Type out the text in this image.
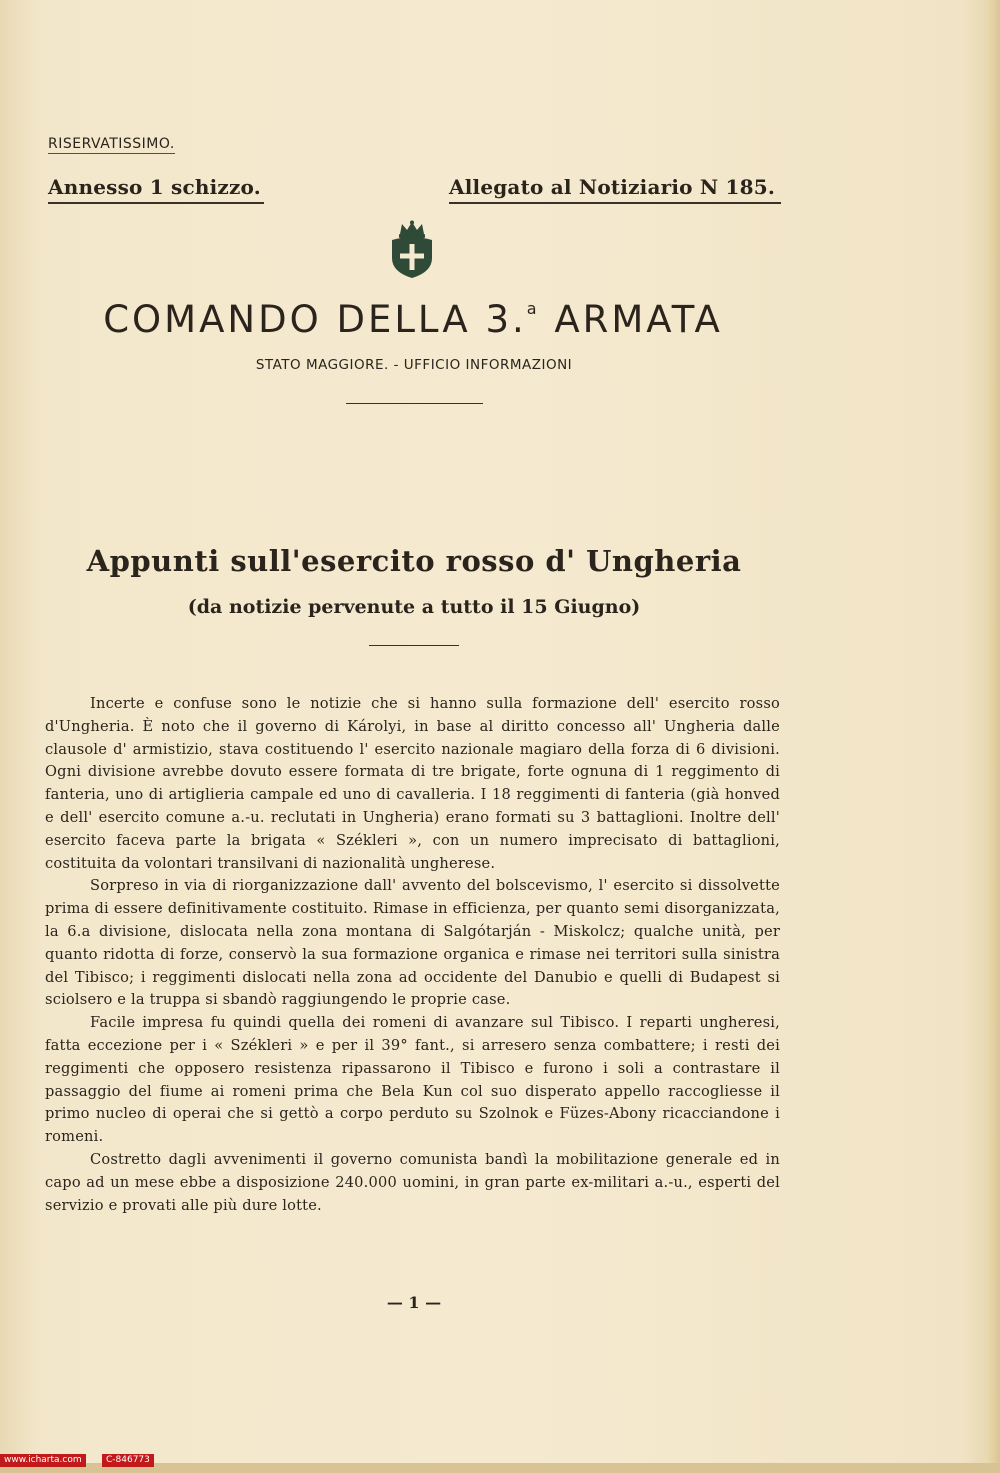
RISERVATISSIMO.
Annesso 1 schizzo.	Allegato al Notiziario N 185.
COMANDO DELLA 3.$^a$ ARMATA
STATO MAGGIORE. - UFFICIO INFORMAZIONI
Appunti sull'esercito rosso d' Ungheria
(da notizie pervenute a tutto il 15 Giugno)

Incerte e confuse sono le notizie che si hanno sulla formazione dell' esercito rosso d'Ungheria. È noto che il governo di Károlyi, in base al diritto concesso all' Ungheria dalle clausole d' armistizio, stava costituendo l' esercito nazionale magiaro della forza di 6 divisioni. Ogni divisione avrebbe dovuto essere formata di tre brigate, forte ognuna di 1 reggimento di fanteria, uno di artiglieria campale ed uno di cavalleria. I 18 reggimenti di fanteria (già honved e dell' esercito comune a.-u. reclutati in Ungheria) erano formati su 3 battaglioni. Inoltre dell' esercito faceva parte la brigata « Székleri », con un numero imprecisato di battaglioni, costituita da volontari transilvani di nazionalità ungherese.

Sorpreso in via di riorganizzazione dall' avvento del bolscevismo, l' esercito si dissolvette prima di essere definitivamente costituito. Rimase in efficienza, per quanto semi disorganizzata, la 6.a divisione, dislocata nella zona montana di Salgótarján - Miskolcz; qualche unità, per quanto ridotta di forze, conservò la sua formazione organica e rimase nei territori sulla sinistra del Tibisco; i reggimenti dislocati nella zona ad occidente del Danubio e quelli di Budapest si sciolsero e la truppa si sbandò raggiungendo le proprie case.

Facile impresa fu quindi quella dei romeni di avanzare sul Tibisco. I reparti ungheresi, fatta eccezione per i « Székleri » e per il 39° fant., si arresero senza combattere; i resti dei reggimenti che opposero resistenza ripassarono il Tibisco e furono i soli a contrastare il passaggio del fiume ai romeni prima che Bela Kun col suo disperato appello raccogliesse il primo nucleo di operai che si gettò a corpo perduto su Szolnok e Füzes-Abony ricacciandone i romeni.

Costretto dagli avvenimenti il governo comunista bandì la mobilitazione generale ed in capo ad un mese ebbe a disposizione 240.000 uomini, in gran parte ex-militari a.-u., esperti del servizio e provati alle più dure lotte.

— 1 —
www.icharta.com	C-846773
